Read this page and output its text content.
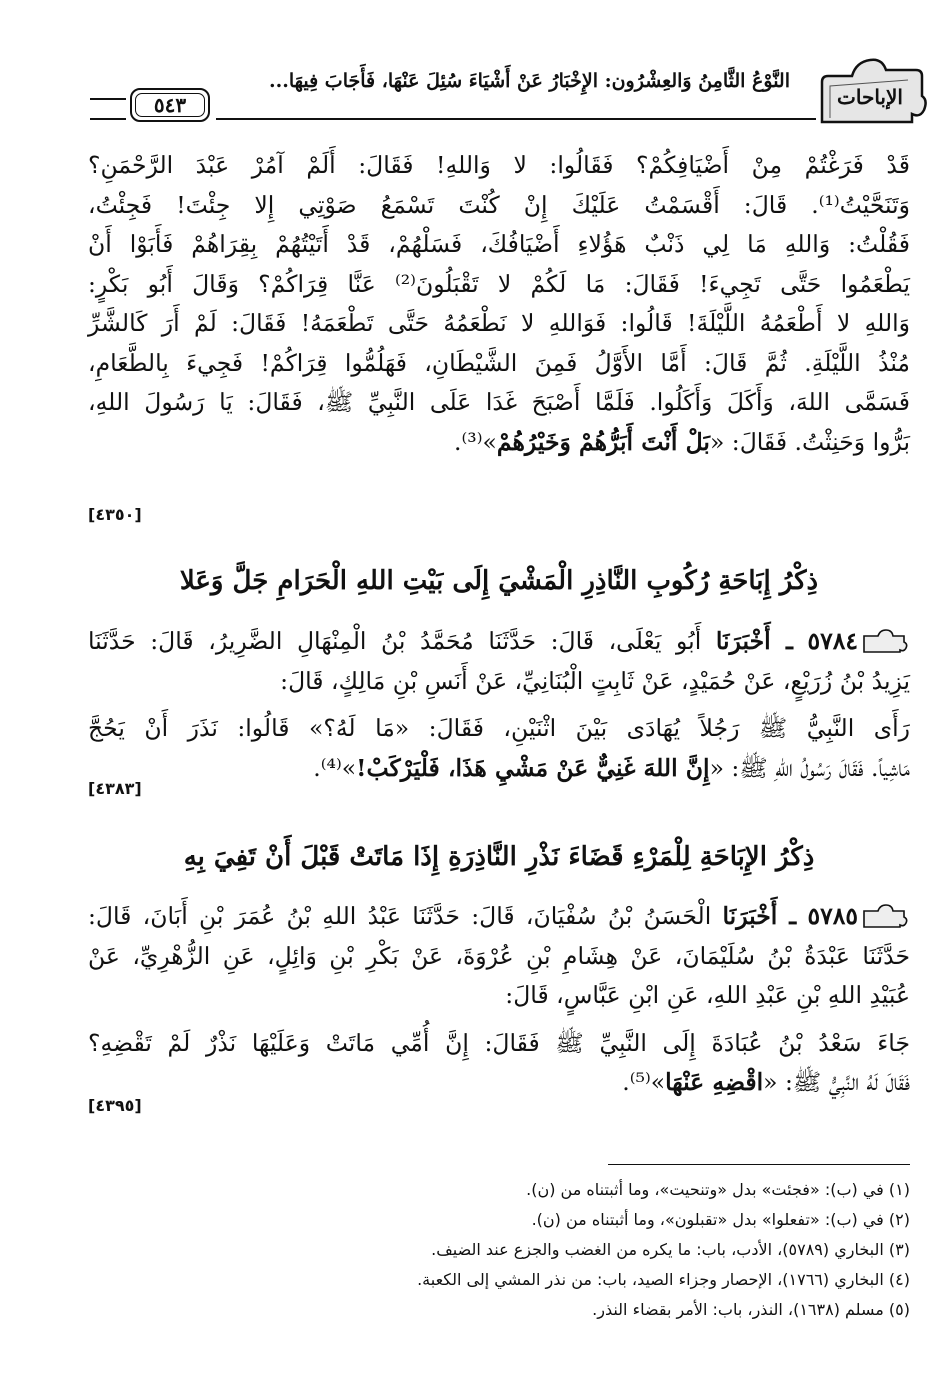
الإباحات
النَّوْعُ الثَّامِنُ وَالعِشْرُون: الإِخْبَارُ عَنْ أَشْيَاءَ سُئِلَ عَنْهَا، فَأَجَابَ فِيهَا...
٥٤٣
قَدْ فَرَغْتُمْ مِنْ أَضْيَافِكُمْ؟ فَقَالُوا: لا وَاللهِ! فَقَالَ: أَلَمْ آمُرْ عَبْدَ الرَّحْمَنِ؟
وَتَنَحَّيْتُ⁽¹⁾. قَالَ: أَقْسَمْتُ عَلَيْكَ إِنْ كُنْتَ تَسْمَعُ صَوْتِي إِلا جِئْتَ! فَجِئْتُ،
فَقُلْتُ: وَاللهِ مَا لِي ذَنْبٌ هَؤُلاءِ أَضْيَافُكَ، فَسَلْهُمْ، قَدْ أَتَيْتُهُمْ بِقِرَاهُمْ فَأَبَوْا أَنْ
يَطْعَمُوا حَتَّى تَجِيءَ! فَقَالَ: مَا لَكُمْ لا تَقْبَلُونَ⁽²⁾ عَنَّا قِرَاكُمْ؟ وَقَالَ أَبُو بَكْرٍ:
وَاللهِ لا أَطْعَمُهُ اللَّيْلَةَ! قَالُوا: فَوَاللهِ لا نَطْعَمُهُ حَتَّى تَطْعَمَهُ! فَقَالَ: لَمْ أَرَ كَالشَّرِّ
مُنْذُ اللَّيْلَةِ. ثُمَّ قَالَ: أَمَّا الأَوَّلُ فَمِنَ الشَّيْطَانِ، فَهَلُمُّوا قِرَاكُمْ! فَجِيءَ بِالطَّعَامِ،
فَسَمَّى اللهَ، وَأَكَلَ وَأَكَلُوا. فَلَمَّا أَصْبَحَ غَدَا عَلَى النَّبِيِّ ﷺ، فَقَالَ: يَا رَسُولَ اللهِ،
بَرُّوا وَحَنِثْتُ. فَقَالَ: «بَلْ أَنْتَ أَبَرُّهُمْ وَخَيْرُهُمْ»⁽³⁾.
[٤٣٥٠]
ذِكْرُ إِبَاحَةِ رُكُوبِ النَّاذِرِ الْمَشْيَ إِلَى بَيْتِ اللهِ الْحَرَامِ جَلَّ وَعَلا
٥٧٨٤ ـ أَخْبَرَنَا أَبُو يَعْلَى، قَالَ: حَدَّثَنَا مُحَمَّدُ بْنُ الْمِنْهَالِ الضَّرِيرُ، قَالَ: حَدَّثَنَا
يَزِيدُ بْنُ زُرَيْعٍ، عَنْ حُمَيْدٍ، عَنْ ثَابِتٍ الْبُنَانِيِّ، عَنْ أَنَسِ بْنِ مَالِكٍ، قَالَ:
رَأَى النَّبِيُّ ﷺ رَجُلاً يُهَادَى بَيْنَ اثْنَيْنِ، فَقَالَ: «مَا لَهُ؟» قَالُوا: نَذَرَ أَنْ يَحُجَّ
مَاشِياً. فَقَالَ رَسُولُ اللهِ ﷺ: «إِنَّ اللهَ غَنِيٌّ عَنْ مَشْيِ هَذَا، فَلْيَرْكَبْ!»⁽⁴⁾.
[٤٣٨٣]
ذِكْرُ الإِبَاحَةِ لِلْمَرْءِ قَضَاءَ نَذْرِ النَّاذِرَةِ إِذَا مَاتَتْ قَبْلَ أَنْ تَفِيَ بِهِ
٥٧٨٥ ـ أَخْبَرَنَا الْحَسَنُ بْنُ سُفْيَانَ، قَالَ: حَدَّثَنَا عَبْدُ اللهِ بْنُ عُمَرَ بْنِ أَبَانَ، قَالَ:
حَدَّثَنَا عَبْدَةُ بْنُ سُلَيْمَانَ، عَنْ هِشَامِ بْنِ عُرْوَةَ، عَنْ بَكْرِ بْنِ وَائِلٍ، عَنِ الزُّهْرِيِّ، عَنْ
عُبَيْدِ اللهِ بْنِ عَبْدِ اللهِ، عَنِ ابْنِ عَبَّاسٍ، قَالَ:
جَاءَ سَعْدُ بْنُ عُبَادَةَ إِلَى النَّبِيِّ ﷺ فَقَالَ: إِنَّ أُمِّي مَاتَتْ وَعَلَيْهَا نَذْرٌ لَمْ تَقْضِهِ؟
فَقَالَ لَهُ النَّبِيُّ ﷺ: «اقْضِهِ عَنْهَا»⁽⁵⁾.
[٤٣٩٥]
(١) في (ب): «فجئت» بدل «وتنحيت»، وما أثبتناه من (ن).
(٢) في (ب): «تفعلوا» بدل «تقبلون»، وما أثبتناه من (ن).
(٣) البخاري (٥٧٨٩)، الأدب، باب: ما يكره من الغضب والجزع عند الضيف.
(٤) البخاري (١٧٦٦)، الإحصار وجزاء الصيد، باب: من نذر المشي إلى الكعبة.
(٥) مسلم (١٦٣٨)، النذر، باب: الأمر بقضاء النذر.
